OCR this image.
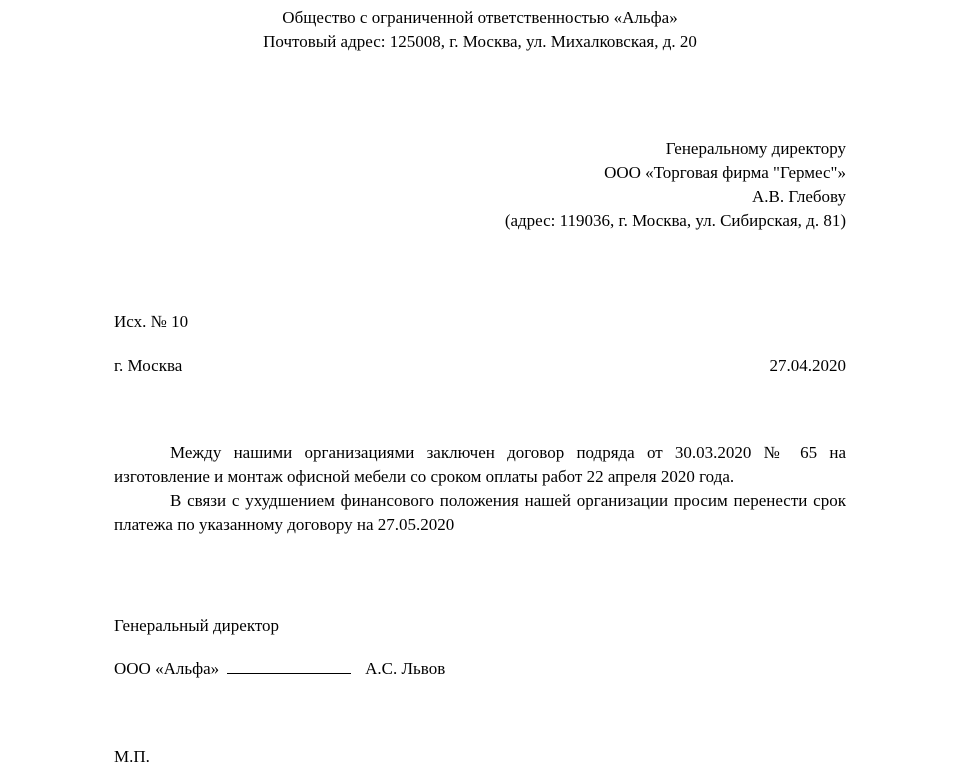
Общество с ограниченной ответственностью «Альфа»
Почтовый адрес: 125008, г. Москва, ул. Михалковская, д. 20
Генеральному директору
ООО «Торговая фирма "Гермес"»
А.В. Глебову
(адрес: 119036, г. Москва, ул. Сибирская, д. 81)
Исх. № 10
г. Москва	27.04.2020

Между нашими организациями заключен договор подряда от 30.03.2020 № 65 на изготовление и монтаж офисной мебели со сроком оплаты работ 22 апреля 2020 года.

В связи с ухудшением финансового положения нашей организации просим перенести срок платежа по указанному договору на 27.05.2020

Генеральный директор
ООО «Альфа»	А.С. Львов
М.П.
